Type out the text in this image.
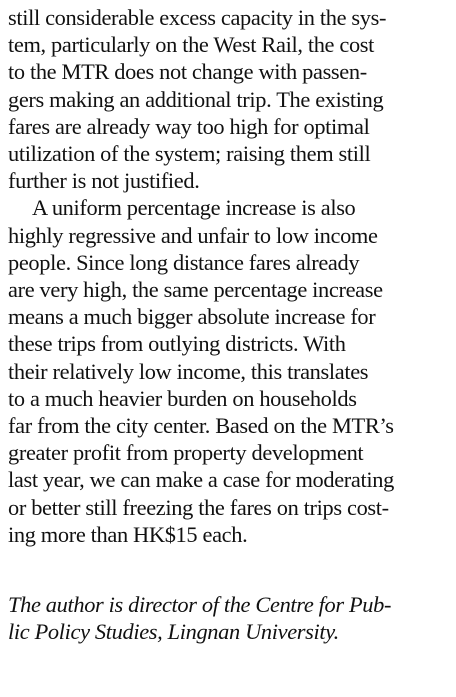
still considerable excess capacity in the sys-
tem, particularly on the West Rail, the cost
to the MTR does not change with passen-
gers making an additional trip. The existing
fares are already way too high for optimal
utilization of the system; raising them still
further is not justified.
A uniform percentage increase is also
highly regressive and unfair to low income
people. Since long distance fares already
are very high, the same percentage increase
means a much bigger absolute increase for
these trips from outlying districts. With
their relatively low income, this translates
to a much heavier burden on households
far from the city center. Based on the MTR’s
greater profit from property development
last year, we can make a case for moderating
or better still freezing the fares on trips cost-
ing more than HK$15 each.
The author is director of the Centre for Pub-
lic Policy Studies, Lingnan University.
